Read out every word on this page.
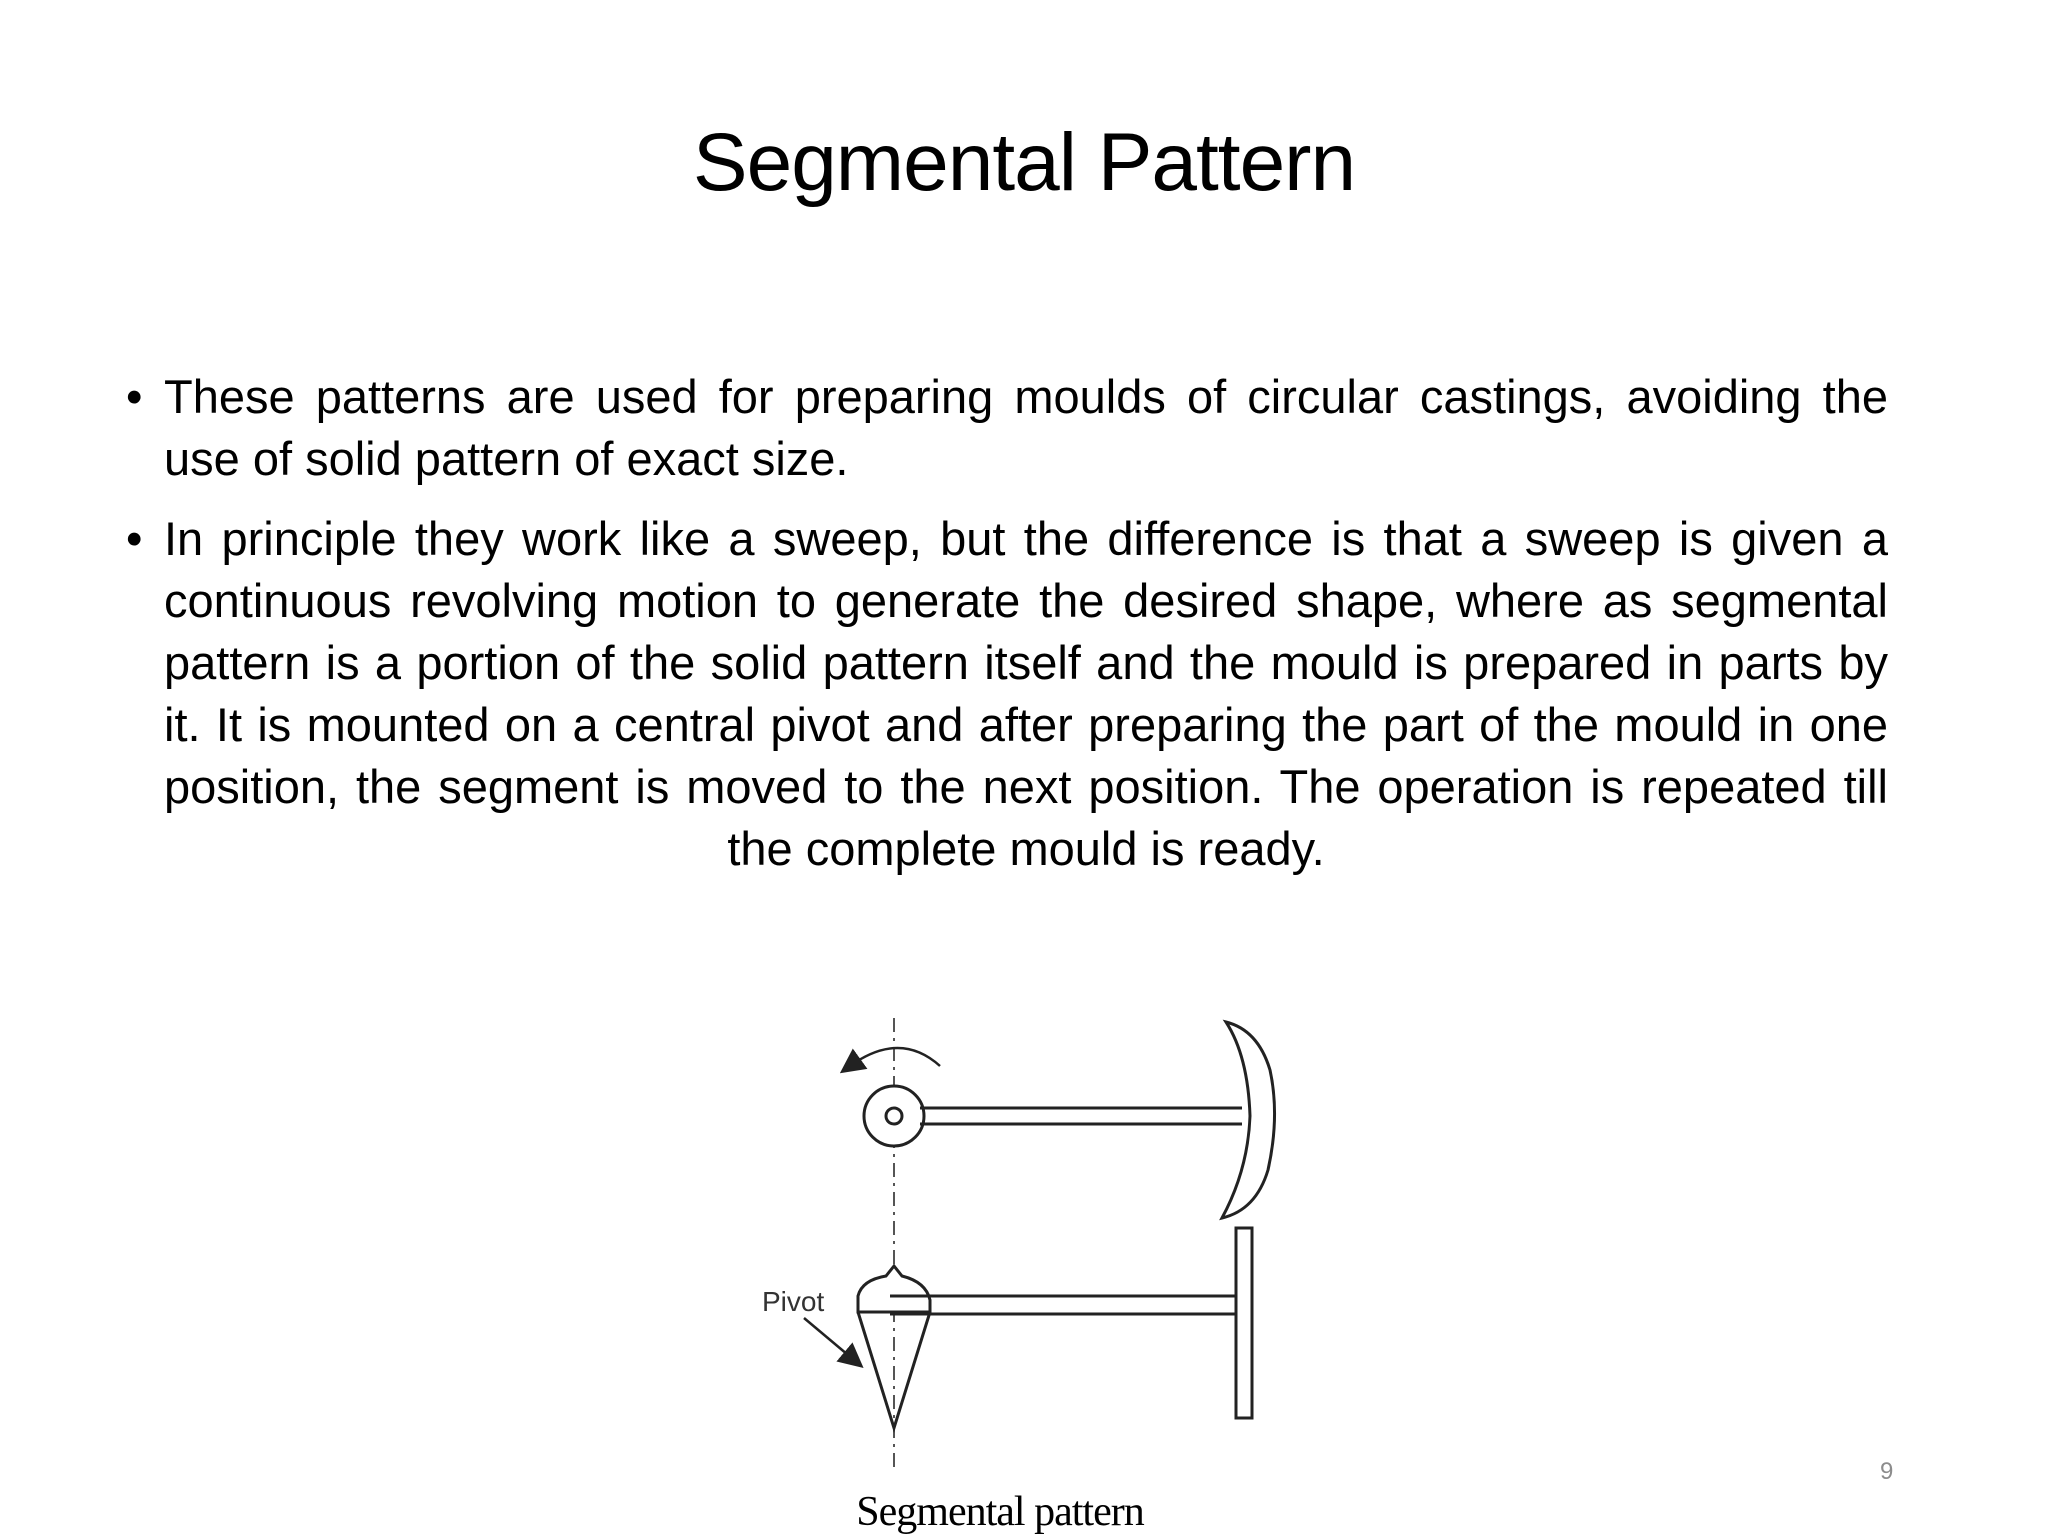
Segmental Pattern
• These patterns are used for preparing moulds of circular castings, avoiding the use of solid pattern of exact size.
• In principle they work like a sweep, but the difference is that a sweep is given a continuous revolving motion to generate the desired shape, where as segmental pattern is a portion of the solid pattern itself and the mould is prepared in parts by it. It is mounted on a central pivot and after preparing the part of the mould in one position, the segment is moved to the next position. The operation is repeated till the complete mould is ready.
Pivot
Segmental pattern
9
